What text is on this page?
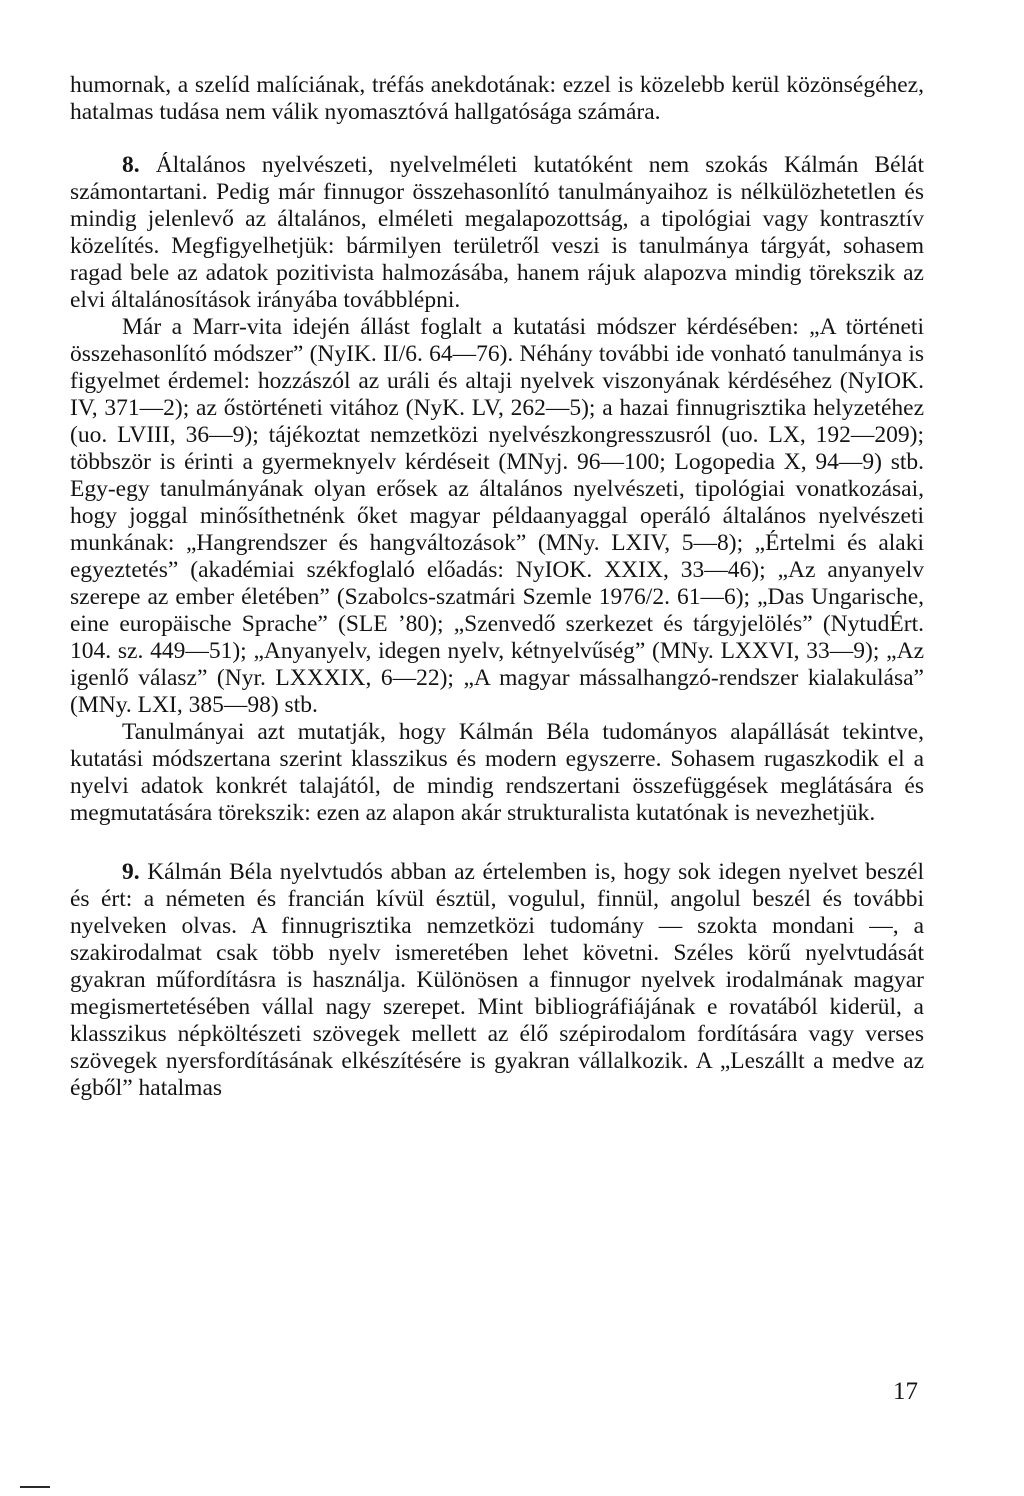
humornak, a szelíd malíciának, tréfás anekdotának: ezzel is közelebb kerül közönségéhez, hatalmas tudása nem válik nyomasztóvá hallgatósága számára.

8. Általános nyelvészeti, nyelvelméleti kutatóként nem szokás Kálmán Bélát számontartani. Pedig már finnugor összehasonlító tanulmányaihoz is nélkülözhetetlen és mindig jelenlevő az általános, elméleti megalapozottság, a tipológiai vagy kontrasztív közelítés. Megfigyelhetjük: bármilyen területről veszi is tanulmánya tárgyát, sohasem ragad bele az adatok pozitivista halmozásába, hanem rájuk alapozva mindig törekszik az elvi általánosítások irányába továbblépni.

Már a Marr-vita idején állást foglalt a kutatási módszer kérdésében: „A történeti összehasonlító módszer” (NyIK. II/6. 64—76). Néhány további ide vonható tanulmánya is figyelmet érdemel: hozzászól az uráli és altaji nyelvek viszonyának kérdéséhez (NyIOK. IV, 371—2); az őstörténeti vitához (NyK. LV, 262—5); a hazai finnugrisztika helyzetéhez (uo. LVIII, 36—9); tájékoztat nemzetközi nyelvészkongresszusról (uo. LX, 192—209); többször is érinti a gyermeknyelv kérdéseit (MNyj. 96—100; Logopedia X, 94—9) stb. Egy-egy tanulmányának olyan erősek az általános nyelvészeti, tipológiai vonatkozásai, hogy joggal minősíthetnénk őket magyar példaanyaggal operáló általános nyelvészeti munkának: „Hangrendszer és hangváltozások” (MNy. LXIV, 5—8); „Értelmi és alaki egyeztetés” (akadémiai székfoglaló előadás: NyIOK. XXIX, 33—46); „Az anyanyelv szerepe az ember életében” (Szabolcs-szatmári Szemle 1976/2. 61—6); „Das Ungarische, eine europäische Sprache” (SLE ’80); „Szenvedő szerkezet és tárgyjelölés” (NytudÉrt. 104. sz. 449—51); „Anyanyelv, idegen nyelv, kétnyelvűség” (MNy. LXXVI, 33—9); „Az igenlő válasz” (Nyr. LXXXIX, 6—22); „A magyar mássalhangzó-rendszer kialakulása” (MNy. LXI, 385—98) stb.

Tanulmányai azt mutatják, hogy Kálmán Béla tudományos alapállását tekintve, kutatási módszertana szerint klasszikus és modern egyszerre. Sohasem rugaszkodik el a nyelvi adatok konkrét talajától, de mindig rendszertani összefüggések meglátására és megmutatására törekszik: ezen az alapon akár strukturalista kutatónak is nevezhetjük.

9. Kálmán Béla nyelvtudós abban az értelemben is, hogy sok idegen nyelvet beszél és ért: a németen és francián kívül észtül, vogulul, finnül, angolul beszél és további nyelveken olvas. A finnugrisztika nemzetközi tudomány — szokta mondani —, a szakirodalmat csak több nyelv ismeretében lehet követni. Széles körű nyelvtudását gyakran műfordításra is használja. Különösen a finnugor nyelvek irodalmának magyar megismertetésében vállal nagy szerepet. Mint bibliográfiájának e rovatából kiderül, a klasszikus népköltészeti szövegek mellett az élő szépirodalom fordítására vagy verses szövegek nyersfordításának elkészítésére is gyakran vállalkozik. A „Leszállt a medve az égből” hatalmas

17
